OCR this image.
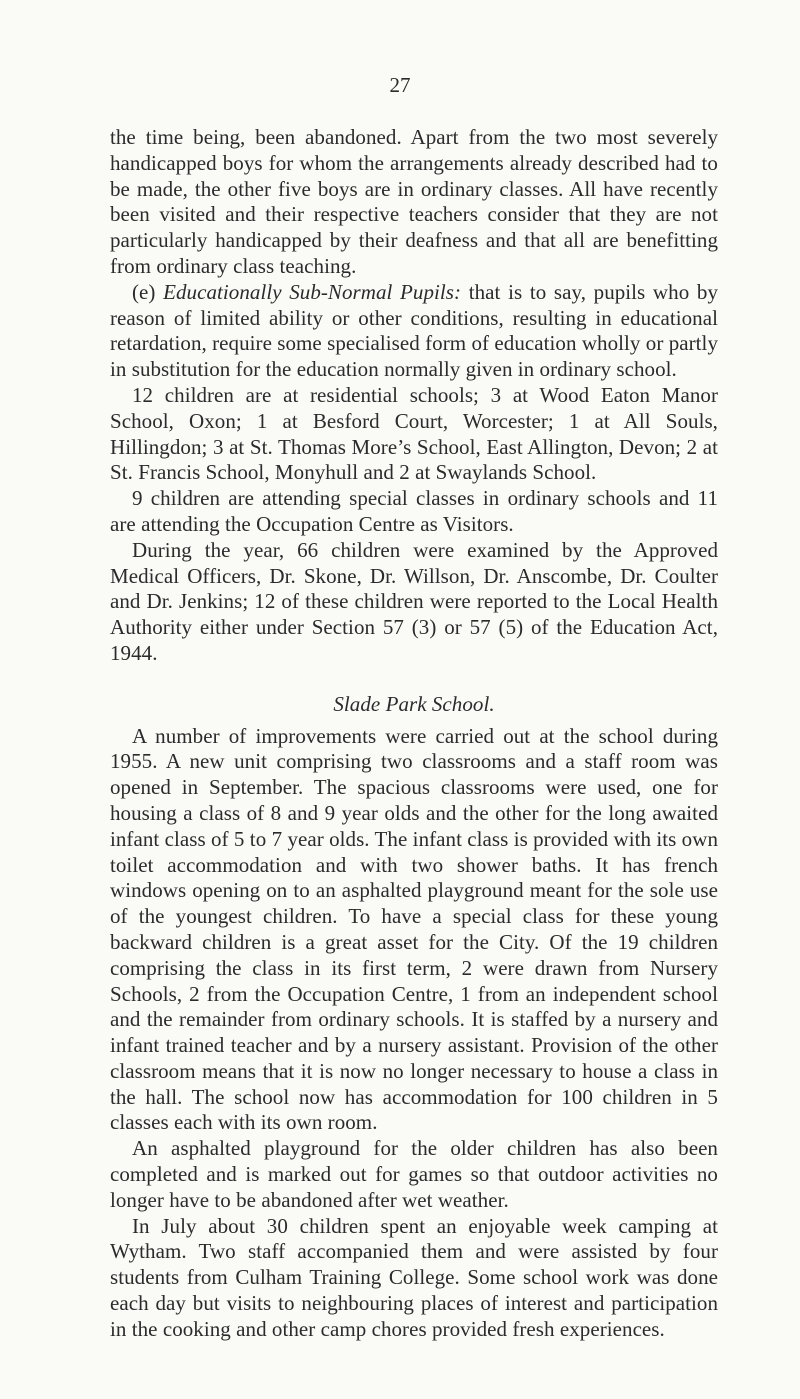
27

the time being, been abandoned. Apart from the two most severely handicapped boys for whom the arrangements already described had to be made, the other five boys are in ordinary classes. All have recently been visited and their respective teachers consider that they are not particularly handicapped by their deafness and that all are benefitting from ordinary class teaching.

(e) Educationally Sub-Normal Pupils: that is to say, pupils who by reason of limited ability or other conditions, resulting in educational retardation, require some specialised form of education wholly or partly in substitution for the education normally given in ordinary school.

12 children are at residential schools; 3 at Wood Eaton Manor School, Oxon; 1 at Besford Court, Worcester; 1 at All Souls, Hillingdon; 3 at St. Thomas More’s School, East Allington, Devon; 2 at St. Francis School, Monyhull and 2 at Swaylands School.

9 children are attending special classes in ordinary schools and 11 are attending the Occupation Centre as Visitors.

During the year, 66 children were examined by the Approved Medical Officers, Dr. Skone, Dr. Willson, Dr. Anscombe, Dr. Coulter and Dr. Jenkins; 12 of these children were reported to the Local Health Authority either under Section 57 (3) or 57 (5) of the Education Act, 1944.

Slade Park School.

A number of improvements were carried out at the school during 1955. A new unit comprising two classrooms and a staff room was opened in September. The spacious classrooms were used, one for housing a class of 8 and 9 year olds and the other for the long awaited infant class of 5 to 7 year olds. The infant class is provided with its own toilet accommodation and with two shower baths. It has french windows opening on to an asphalted playground meant for the sole use of the youngest children. To have a special class for these young backward children is a great asset for the City. Of the 19 children comprising the class in its first term, 2 were drawn from Nursery Schools, 2 from the Occupation Centre, 1 from an independent school and the remainder from ordinary schools. It is staffed by a nursery and infant trained teacher and by a nursery assistant. Provision of the other classroom means that it is now no longer necessary to house a class in the hall. The school now has accommodation for 100 children in 5 classes each with its own room.

An asphalted playground for the older children has also been completed and is marked out for games so that outdoor activities no longer have to be abandoned after wet weather.

In July about 30 children spent an enjoyable week camping at Wytham. Two staff accompanied them and were assisted by four students from Culham Training College. Some school work was done each day but visits to neighbouring places of interest and participation in the cooking and other camp chores provided fresh experiences.
